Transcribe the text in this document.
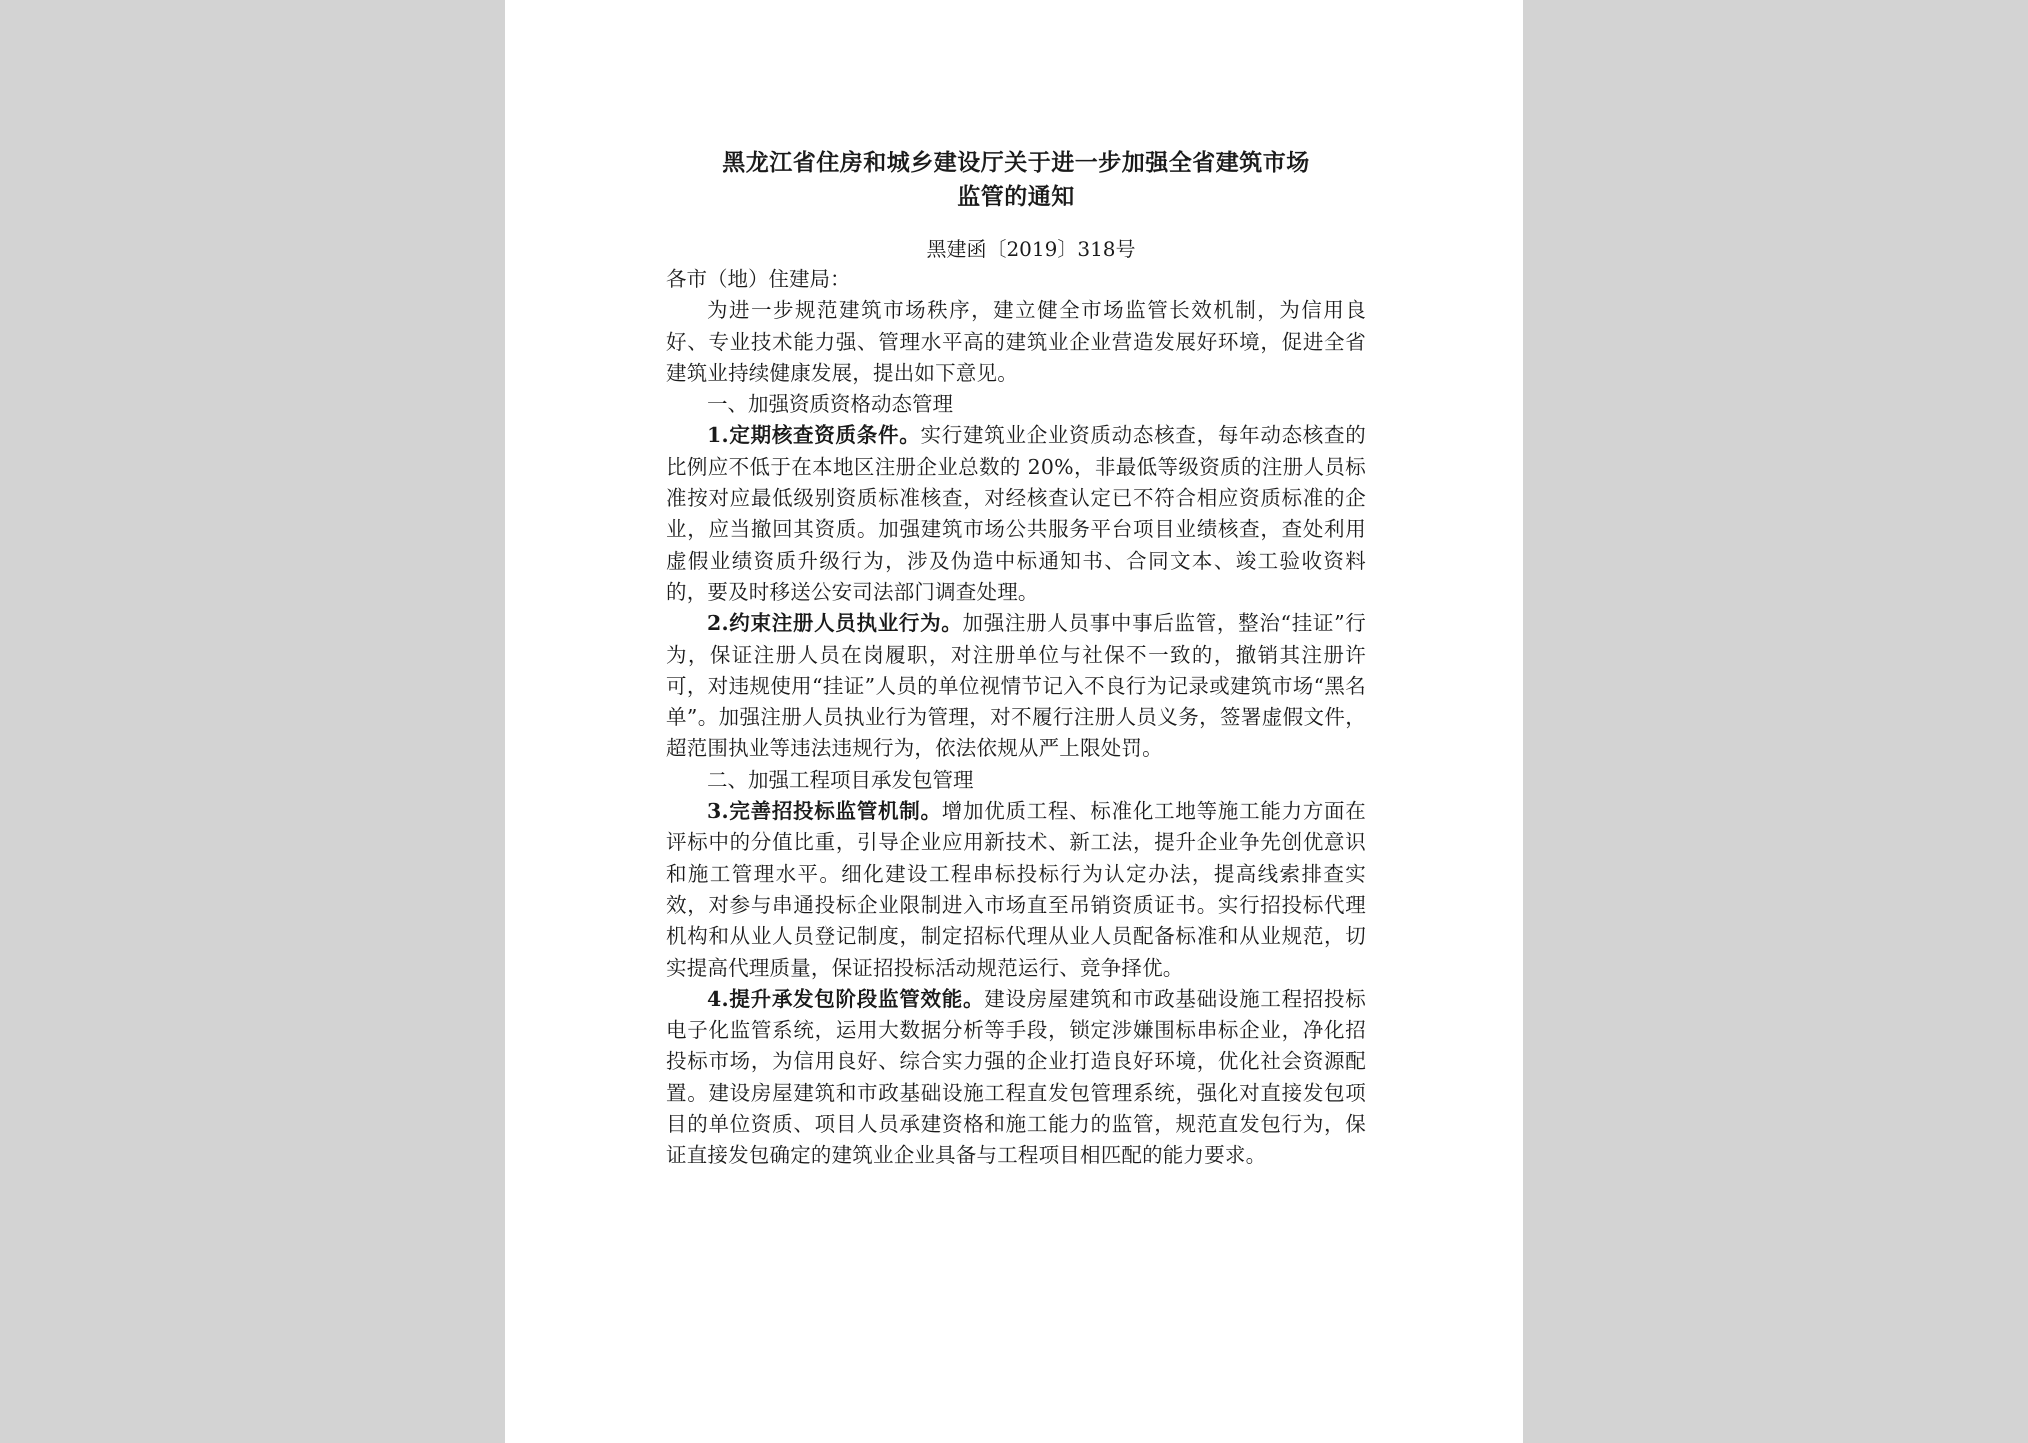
黑龙江省住房和城乡建设厅关于进一步加强全省建筑市场
监管的通知
黑建函〔2019〕318号

各市（地）住建局：

为进一步规范建筑市场秩序，建立健全市场监管长效机制，为信用良好、专业技术能力强、管理水平高的建筑业企业营造发展好环境，促进全省建筑业持续健康发展，提出如下意见。

一、加强资质资格动态管理

1.定期核查资质条件。实行建筑业企业资质动态核查，每年动态核查的比例应不低于在本地区注册企业总数的 20%，非最低等级资质的注册人员标准按对应最低级别资质标准核查，对经核查认定已不符合相应资质标准的企业，应当撤回其资质。加强建筑市场公共服务平台项目业绩核查，查处利用虚假业绩资质升级行为，涉及伪造中标通知书、合同文本、竣工验收资料的，要及时移送公安司法部门调查处理。

2.约束注册人员执业行为。加强注册人员事中事后监管，整治“挂证”行为，保证注册人员在岗履职，对注册单位与社保不一致的，撤销其注册许可，对违规使用“挂证”人员的单位视情节记入不良行为记录或建筑市场“黑名单”。加强注册人员执业行为管理，对不履行注册人员义务，签署虚假文件，超范围执业等违法违规行为，依法依规从严上限处罚。

二、加强工程项目承发包管理

3.完善招投标监管机制。增加优质工程、标准化工地等施工能力方面在评标中的分值比重，引导企业应用新技术、新工法，提升企业争先创优意识和施工管理水平。细化建设工程串标投标行为认定办法，提高线索排查实效，对参与串通投标企业限制进入市场直至吊销资质证书。实行招投标代理机构和从业人员登记制度，制定招标代理从业人员配备标准和从业规范，切实提高代理质量，保证招投标活动规范运行、竞争择优。

4.提升承发包阶段监管效能。建设房屋建筑和市政基础设施工程招投标电子化监管系统，运用大数据分析等手段，锁定涉嫌围标串标企业，净化招投标市场，为信用良好、综合实力强的企业打造良好环境，优化社会资源配置。建设房屋建筑和市政基础设施工程直发包管理系统，强化对直接发包项目的单位资质、项目人员承建资格和施工能力的监管，规范直发包行为，保证直接发包确定的建筑业企业具备与工程项目相匹配的能力要求。
